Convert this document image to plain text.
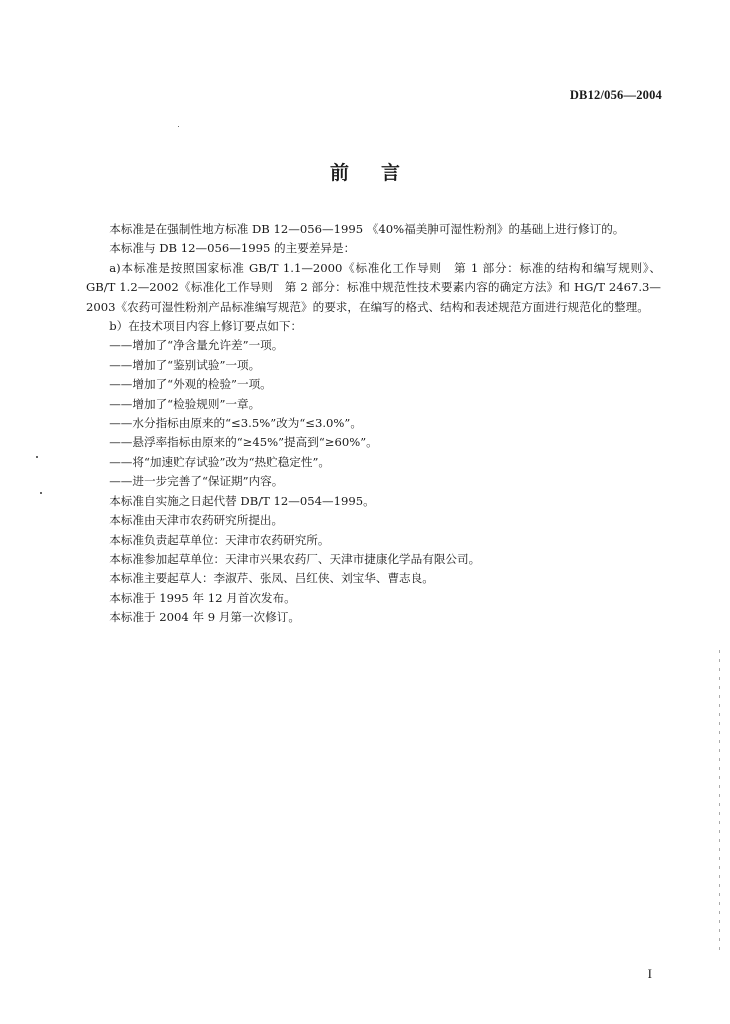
DB12/056—2004
前言

本标准是在强制性地方标准 DB 12—056—1995 《40%福美胂可湿性粉剂》的基础上进行修订的。

本标准与 DB 12—056—1995 的主要差异是：

a)本标准是按照国家标准 GB/T 1.1—2000《标准化工作导则　第 1 部分：标准的结构和编写规则》、GB/T 1.2—2002《标准化工作导则　第 2 部分：标准中规范性技术要素内容的确定方法》和 HG/T 2467.3—2003《农药可湿性粉剂产品标准编写规范》的要求，在编写的格式、结构和表述规范方面进行规范化的整理。

b）在技术项目内容上修订要点如下：

——增加了“净含量允许差”一项。

——增加了“鉴别试验”一项。

——增加了“外观的检验”一项。

——增加了“检验规则”一章。

——水分指标由原来的“≤3.5%”改为“≤3.0%”。

——悬浮率指标由原来的“≥45%”提高到“≥60%”。

——将“加速贮存试验”改为“热贮稳定性”。

——进一步完善了“保证期”内容。

本标准自实施之日起代替 DB/T 12—054—1995。

本标准由天津市农药研究所提出。

本标准负责起草单位：天津市农药研究所。

本标准参加起草单位：天津市兴果农药厂、天津市捷康化学品有限公司。

本标准主要起草人：李淑芹、张凤、吕红侠、刘宝华、曹志良。

本标准于 1995 年 12 月首次发布。

本标准于 2004 年 9 月第一次修订。

I
